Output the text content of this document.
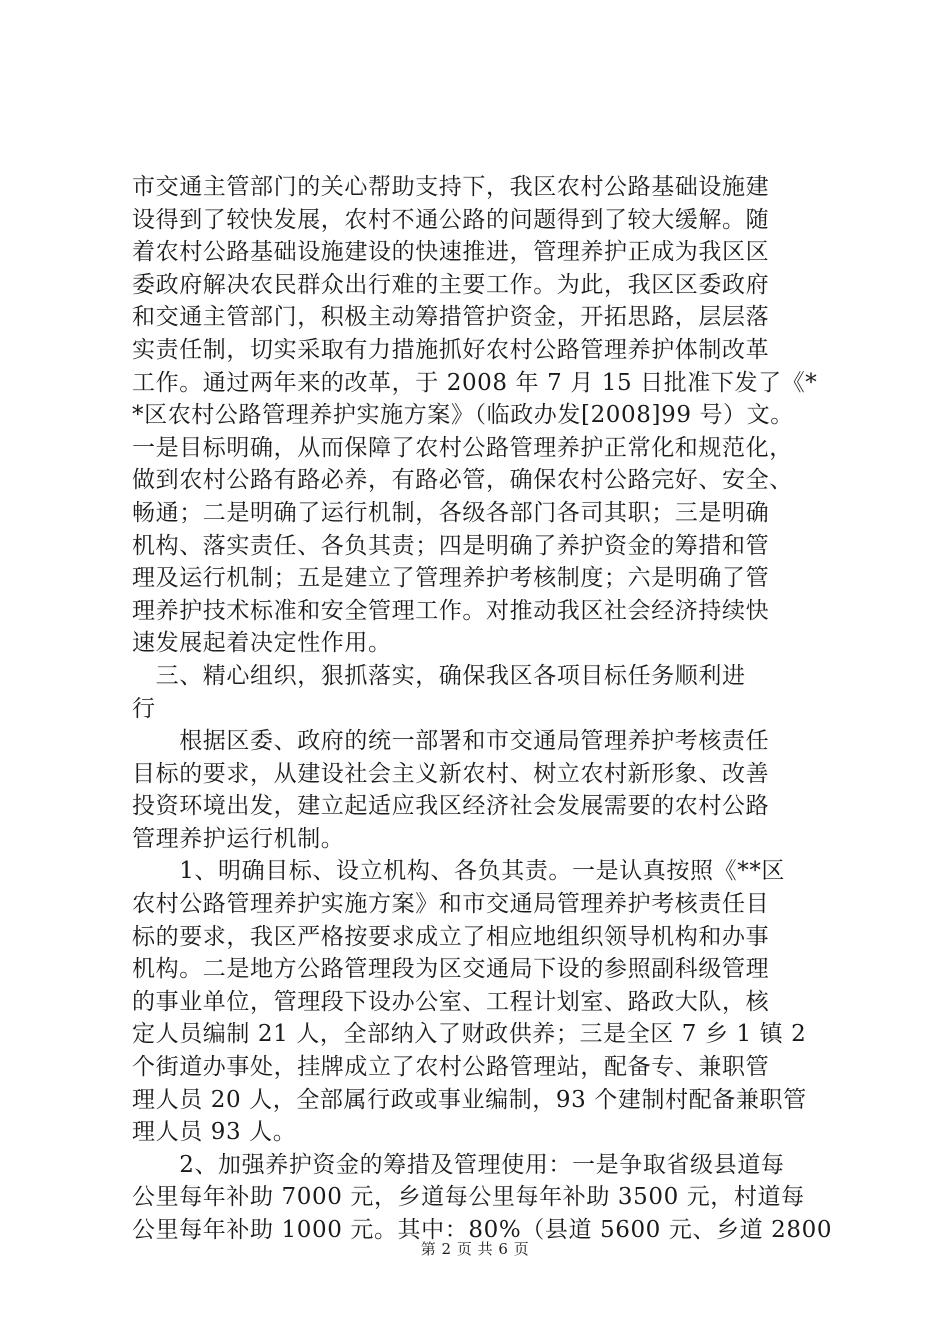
市交通主管部门的关心帮助支持下，我区农村公路基础设施建
设得到了较快发展，农村不通公路的问题得到了较大缓解。随
着农村公路基础设施建设的快速推进，管理养护正成为我区区
委政府解决农民群众出行难的主要工作。为此，我区区委政府
和交通主管部门，积极主动筹措管护资金，开拓思路，层层落
实责任制，切实采取有力措施抓好农村公路管理养护体制改革
工作。通过两年来的改革，于 2008 年 7 月 15 日批准下发了《*
*区农村公路管理养护实施方案》（临政办发[2008]99 号）文。
一是目标明确，从而保障了农村公路管理养护正常化和规范化，
做到农村公路有路必养，有路必管，确保农村公路完好、安全、
畅通；二是明确了运行机制，各级各部门各司其职；三是明确
机构、落实责任、各负其责；四是明确了养护资金的筹措和管
理及运行机制；五是建立了管理养护考核制度；六是明确了管
理养护技术标准和安全管理工作。对推动我区社会经济持续快
速发展起着决定性作用。
　三、精心组织，狠抓落实，确保我区各项目标任务顺利进
行
　　根据区委、政府的统一部署和市交通局管理养护考核责任
目标的要求，从建设社会主义新农村、树立农村新形象、改善
投资环境出发，建立起适应我区经济社会发展需要的农村公路
管理养护运行机制。
　　1、明确目标、设立机构、各负其责。一是认真按照《**区
农村公路管理养护实施方案》和市交通局管理养护考核责任目
标的要求，我区严格按要求成立了相应地组织领导机构和办事
机构。二是地方公路管理段为区交通局下设的参照副科级管理
的事业单位，管理段下设办公室、工程计划室、路政大队，核
定人员编制 21 人，全部纳入了财政供养；三是全区 7 乡 1 镇 2
个街道办事处，挂牌成立了农村公路管理站，配备专、兼职管
理人员 20 人，全部属行政或事业编制，93 个建制村配备兼职管
理人员 93 人。
　　2、加强养护资金的筹措及管理使用：一是争取省级县道每
公里每年补助 7000 元，乡道每公里每年补助 3500 元，村道每
公里每年补助 1000 元。其中：80%（县道 5600 元、乡道 2800
第 2 页 共 6 页
